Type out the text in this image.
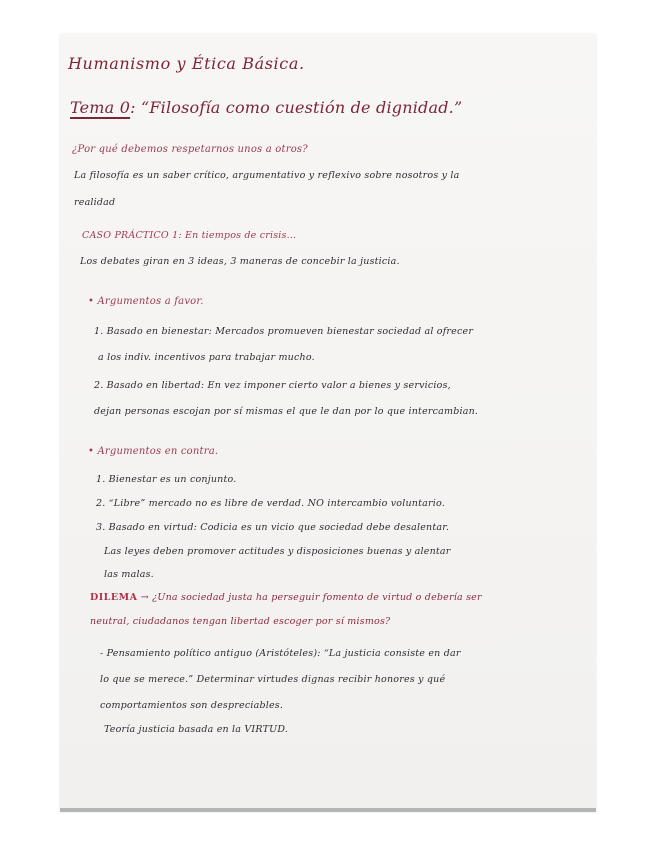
Humanismo y Ética Básica.
Tema 0: “Filosofía como cuestión de dignidad.”
¿Por qué debemos respetarnos unos a otros?
La filosofía es un saber crítico, argumentativo y reflexivo sobre nosotros y la
realidad
CASO PRÁCTICO 1: En tiempos de crisis...
Los debates giran en 3 ideas, 3 maneras de concebir la justicia.
• Argumentos a favor.
1. Basado en bienestar: Mercados promueven bienestar sociedad al ofrecer
a los indiv. incentivos para trabajar mucho.
2. Basado en libertad: En vez imponer cierto valor a bienes y servicios,
dejan personas escojan por sí mismas el que le dan por lo que intercambian.
• Argumentos en contra.
1. Bienestar es un conjunto.
2. “Libre” mercado no es libre de verdad. NO intercambio voluntario.
3. Basado en virtud: Codicia es un vicio que sociedad debe desalentar.
Las leyes deben promover actitudes y disposiciones buenas y alentar
las malas.
DILEMA → ¿Una sociedad justa ha perseguir fomento de virtud o debería ser
neutral, ciudadanos tengan libertad escoger por sí mismos?
- Pensamiento político antiguo (Aristóteles): “La justicia consiste en dar
lo que se merece.” Determinar virtudes dignas recibir honores y qué
comportamientos son despreciables.
Teoría justicia basada en la VIRTUD.
